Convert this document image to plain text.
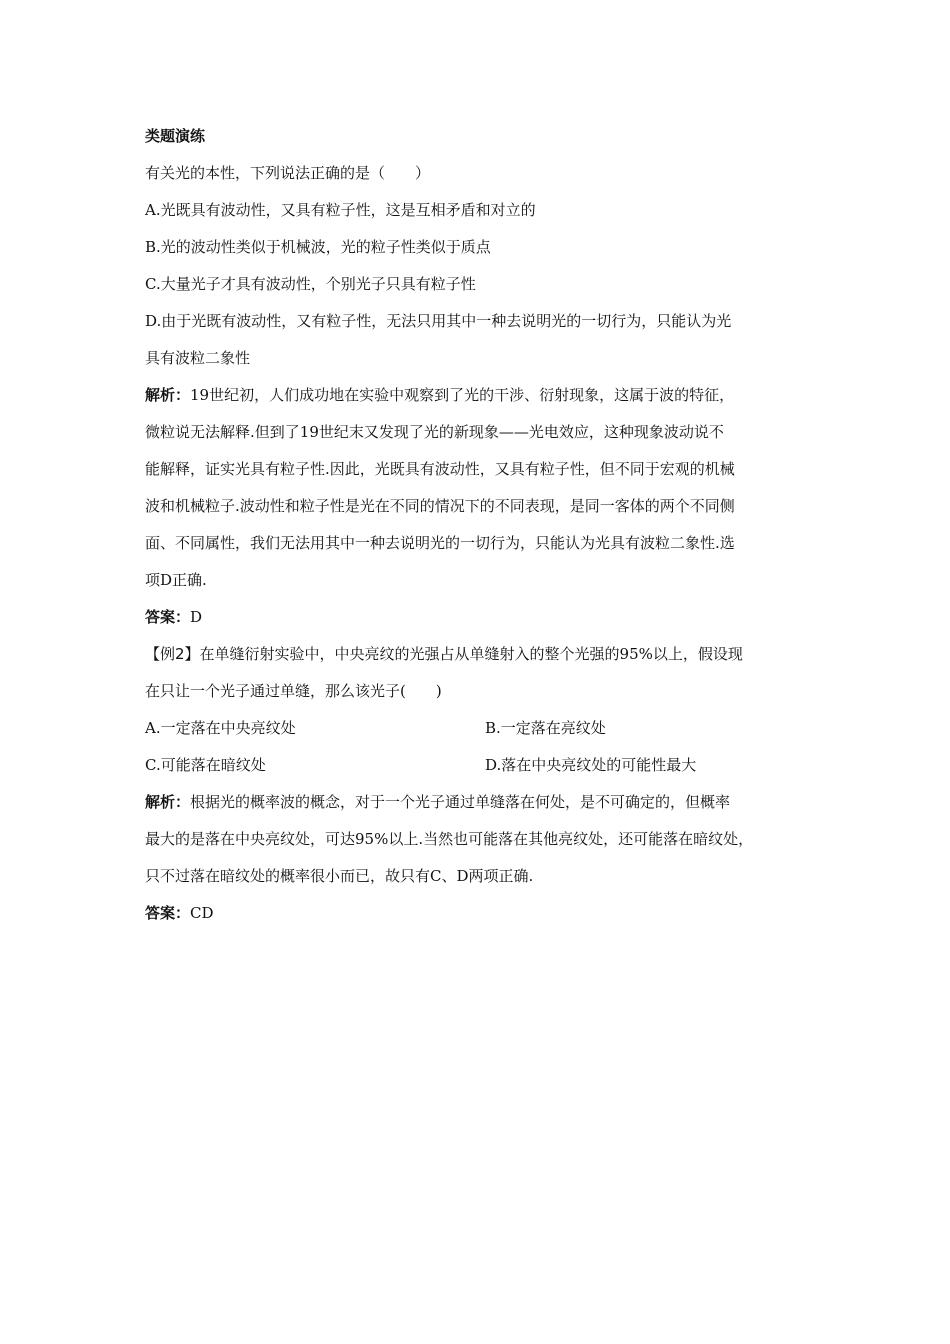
类题演练
有关光的本性，下列说法正确的是（　　）
A.光既具有波动性，又具有粒子性，这是互相矛盾和对立的
B.光的波动性类似于机械波，光的粒子性类似于质点
C.大量光子才具有波动性，个别光子只具有粒子性
D.由于光既有波动性，又有粒子性，无法只用其中一种去说明光的一切行为，只能认为光
具有波粒二象性
解析：19世纪初，人们成功地在实验中观察到了光的干涉、衍射现象，这属于波的特征，
微粒说无法解释.但到了19世纪末又发现了光的新现象——光电效应，这种现象波动说不
能解释，证实光具有粒子性.因此，光既具有波动性，又具有粒子性，但不同于宏观的机械
波和机械粒子.波动性和粒子性是光在不同的情况下的不同表现，是同一客体的两个不同侧
面、不同属性，我们无法用其中一种去说明光的一切行为，只能认为光具有波粒二象性.选
项D正确.
答案：D
【例2】在单缝衍射实验中，中央亮纹的光强占从单缝射入的整个光强的95%以上，假设现
在只让一个光子通过单缝，那么该光子(　　)
A.一定落在中央亮纹处	B.一定落在亮纹处
C.可能落在暗纹处	D.落在中央亮纹处的可能性最大
解析：根据光的概率波的概念，对于一个光子通过单缝落在何处，是不可确定的，但概率
最大的是落在中央亮纹处，可达95%以上.当然也可能落在其他亮纹处，还可能落在暗纹处，
只不过落在暗纹处的概率很小而已，故只有C、D两项正确.
答案：CD
